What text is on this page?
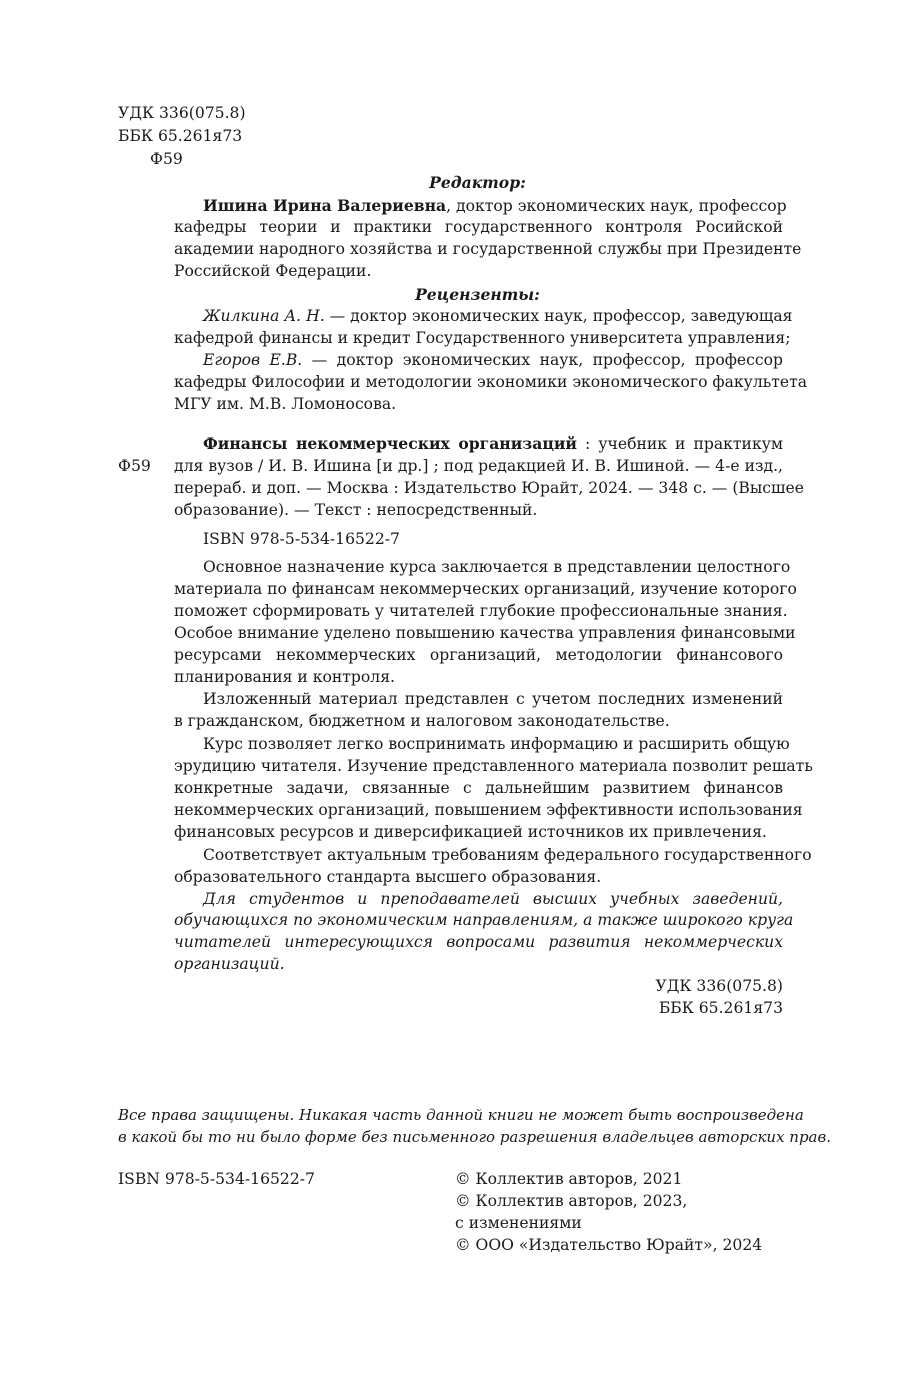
УДК 336(075.8)
ББК 65.261я73
Ф59
Редактор:
Ишина Ирина Валериевна, доктор экономических наук, профессор
кафедры теории и практики государственного контроля Росийской
академии народного хозяйства и государственной службы при Президенте
Российской Федерации.
Рецензенты:
Жилкина А. Н. — доктор экономических наук, профессор, заведующая
кафедрой финансы и кредит Государственного университета управления;
Егоров Е.В. — доктор экономических наук, профессор, профессор
кафедры Философии и методологии экономики экономического факультета
МГУ им. М.В. Ломоносова.
Финансы некоммерческих организаций : учебник и практикум
Ф59 для вузов / И. В. Ишина [и др.] ; под редакцией И. В. Ишиной. — 4-е изд.,
перераб. и доп. — Москва : Издательство Юрайт, 2024. — 348 с. — (Высшее
образование). — Текст : непосредственный.
ISBN 978-5-534-16522-7
Основное назначение курса заключается в представлении целостного
материала по финансам некоммерческих организаций, изучение которого
поможет сформировать у читателей глубокие профессиональные знания.
Особое внимание уделено повышению качества управления финансовыми
ресурсами некоммерческих организаций, методологии финансового
планирования и контроля.
Изложенный материал представлен с учетом последних изменений
в гражданском, бюджетном и налоговом законодательстве.
Курс позволяет легко воспринимать информацию и расширить общую
эрудицию читателя. Изучение представленного материала позволит решать
конкретные задачи, связанные с дальнейшим развитием финансов
некоммерческих организаций, повышением эффективности использования
финансовых ресурсов и диверсификацией источников их привлечения.
Соответствует актуальным требованиям федерального государственного
образовательного стандарта высшего образования.
Для студентов и преподавателей высших учебных заведений,
обучающихся по экономическим направлениям, а также широкого круга
читателей интересующихся вопросами развития некоммерческих
организаций.
УДК 336(075.8)
ББК 65.261я73
Все права защищены. Никакая часть данной книги не может быть воспроизведена
в какой бы то ни было форме без письменного разрешения владельцев авторских прав.
ISBN 978-5-534-16522-7	© Коллектив авторов, 2021
© Коллектив авторов, 2023,
с изменениями
© ООО «Издательство Юрайт», 2024
